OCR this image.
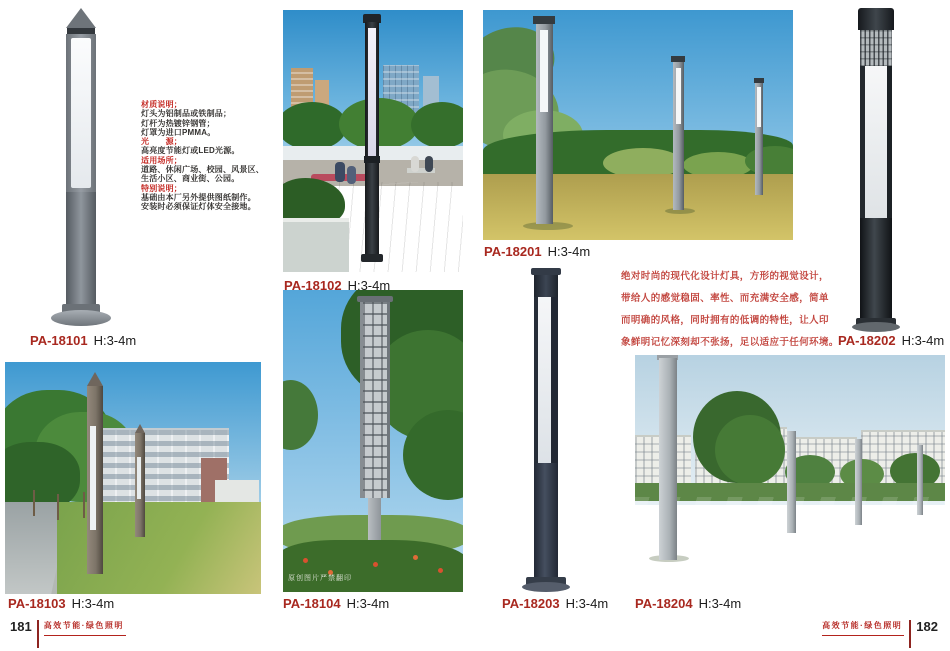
材质说明；
灯头为铝制品或铁制品；
灯杆为热镀锌钢管；
灯罩为进口PMMA。
光　　源；
高亮度节能灯或LED光源。
适用场所；
道路、休闲广场、校园、风景区、
生活小区、商业街、公园。
特别说明；
基础由本厂另外提供图纸制作。
安装时必须保证灯体安全接地。
绝对时尚的现代化设计灯具，方形的视觉设计，
带给人的感觉稳固、率性、而充满安全感，简单
而明确的风格，同时拥有的低调的特性，让人印
象鲜明记忆深刻却不张扬，足以适应于任何环境。
原创图片严禁翻印
PA-18101 H:3-4m
PA-18102 H:3-4m
PA-18201 H:3-4m
PA-18202 H:3-4m
PA-18103 H:3-4m	PA-18104 H:3-4m	PA-18203 H:3-4m PA-18204 H:3-4m
181 高效节能·绿色照明	高效节能·绿色照明 182
